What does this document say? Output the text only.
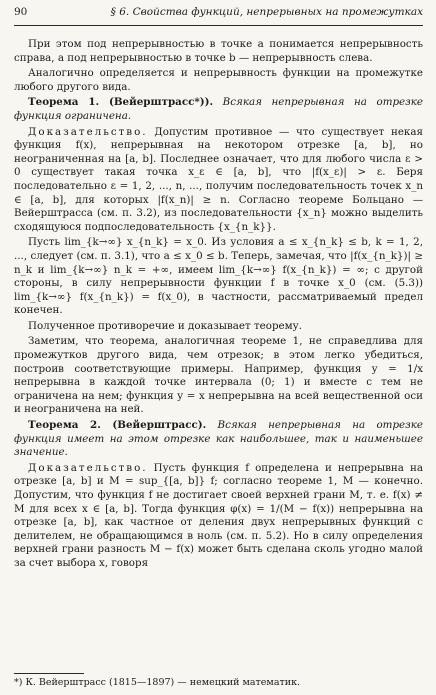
90	§ 6. Свойства функций, непрерывных на промежутках

При этом под непрерывностью в точке a понимается непрерывность справа, а под непрерывностью в точке b — непрерывность слева.

Аналогично определяется и непрерывность функции на промежутке любого другого вида.

Теорема 1. (Вейерштрасс*)). Всякая непрерывная на отрезке функция ограничена.

Доказательство. Допустим противное — что существует некая функция f(x), непрерывная на некотором отрезке [a, b], но неограниченная на [a, b]. Последнее означает, что для любого числа ε > 0 существует такая точка x_ε ∈ [a, b], что |f(x_ε)| > ε. Беря последовательно ε = 1, 2, ..., n, ..., получим последовательность точек x_n ∈ [a, b], для которых |f(x_n)| ≥ n. Согласно теореме Больцано — Вейерштрасса (см. п. 3.2), из последовательности {x_n} можно выделить сходящуюся подпоследовательность {x_{n_k}}.

Пусть lim_{k→∞} x_{n_k} = x_0. Из условия a ≤ x_{n_k} ≤ b, k = 1, 2, ..., следует (см. п. 3.1), что a ≤ x_0 ≤ b. Теперь, замечая, что |f(x_{n_k})| ≥ n_k и lim_{k→∞} n_k = +∞, имеем lim_{k→∞} f(x_{n_k}) = ∞; с другой стороны, в силу непрерывности функции f в точке x_0 (см. (5.3)) lim_{k→∞} f(x_{n_k}) = f(x_0), в частности, рассматриваемый предел конечен.

Полученное противоречие и доказывает теорему.

Заметим, что теорема, аналогичная теореме 1, не справедлива для промежутков другого вида, чем отрезок; в этом легко убедиться, построив соответствующие примеры. Например, функция y = 1/x непрерывна в каждой точке интервала (0; 1) и вместе с тем не ограничена на нем; функция y = x непрерывна на всей вещественной оси и неограничена на ней.

Теорема 2. (Вейерштрасс). Всякая непрерывная на отрезке функция имеет на этом отрезке как наибольшее, так и наименьшее значение.

Доказательство. Пусть функция f определена и непрерывна на отрезке [a, b] и M = sup_{[a, b]} f; согласно теореме 1, M — конечно. Допустим, что функция f не достигает своей верхней грани M, т. е. f(x) ≠ M для всех x ∈ [a, b]. Тогда функция φ(x) = 1/(M − f(x)) непрерывна на отрезке [a, b], как частное от деления двух непрерывных функций с делителем, не обращающимся в ноль (см. п. 5.2). Но в силу определения верхней грани разность M − f(x) может быть сделана сколь угодно малой за счет выбора x, говоря

*) К. Вейерштрасс (1815—1897) — немецкий математик.
